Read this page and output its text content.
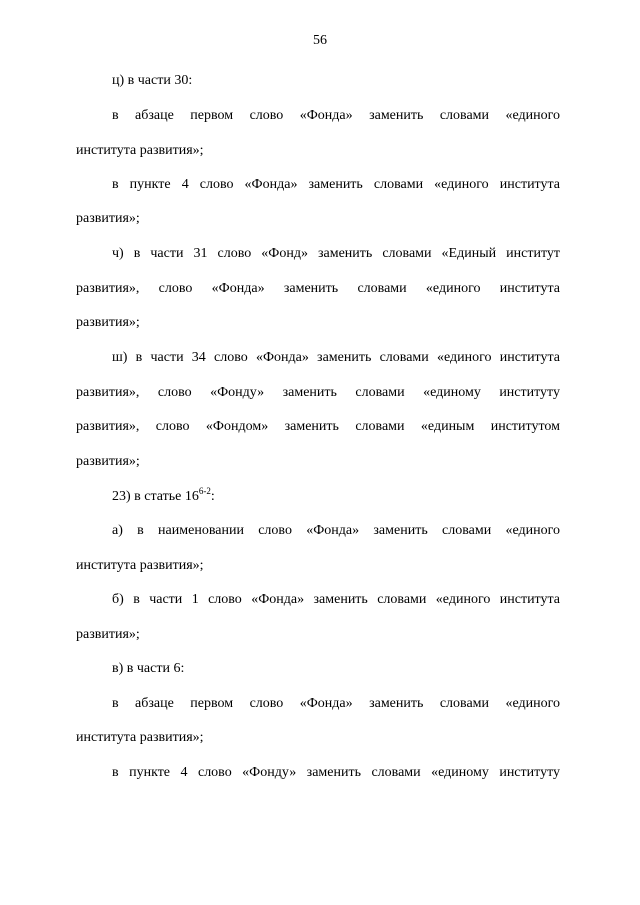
56
ц) в части 30:
в абзаце первом слово «Фонда» заменить словами «единого
института развития»;
в пункте 4 слово «Фонда» заменить словами «единого института
развития»;
ч) в части 31 слово «Фонд» заменить словами «Единый институт
развития», слово «Фонда» заменить словами «единого института
развития»;
ш) в части 34 слово «Фонда» заменить словами «единого института
развития», слово «Фонду» заменить словами «единому институту
развития», слово «Фондом» заменить словами «единым институтом
развития»;
23) в статье 16$^{6-2}$:
а) в наименовании слово «Фонда» заменить словами «единого
института развития»;
б) в части 1 слово «Фонда» заменить словами «единого института
развития»;
в) в части 6:
в абзаце первом слово «Фонда» заменить словами «единого
института развития»;
в пункте 4 слово «Фонду» заменить словами «единому институту
